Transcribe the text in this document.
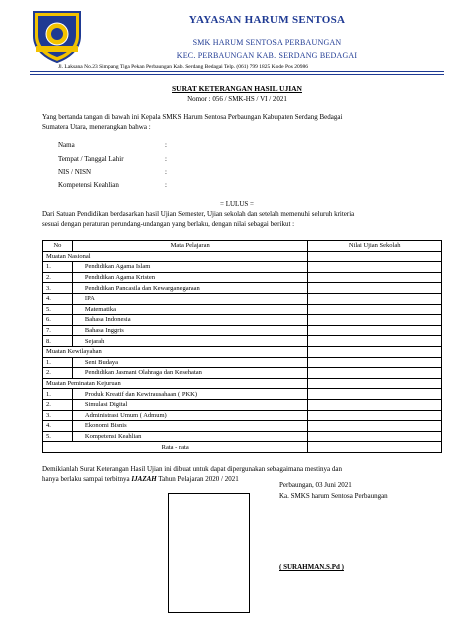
YAYASAN HARUM SENTOSA
SMK HARUM SENTOSA PERBAUNGAN
KEC. PERBAUNGAN KAB. SERDANG BEDAGAI
Jl. Laksana No.23 Simpang Tiga Pekan Perbaungan Kab. Serdang Bedagai Telp. (061) 799 1825 Kode Pos 20986
SURAT KETERANGAN HASIL UJIAN
Nomor : 056 / SMK-HS / VI / 2021
Yang bertanda tangan di bawah ini Kepala SMKS Harum Sentosa Perbaungan Kabupaten Serdang Bedagai
Sumatera Utara, menerangkan bahwa :
Nama	:
Tempat / Tanggal Lahir	:
NIS / NISN	:
Kompetensi Keahlian	:
= LULUS =
Dari Satuan Pendidikan berdasarkan hasil Ujian Semester, Ujian sekolah dan setelah memenuhi seluruh kriteria
sesuai dengan peraturan perundang-undangan yang berlaku, dengan nilai sebagai berikut :
No	Mata Pelajaran	Nilai Ujian Sekolah
Muatan Nasional		
1.	Pendidikan Agama Islam	
2.	Pendidikan Agama Kristen	
3.	Pendidikan Pancasila dan Kewarganegaraan	
4.	IPA	
5.	Matematika	
6.	Bahasa Indonesia	
7.	Bahasa Inggris	
8.	Sejarah	
Muatan Kewilayahan		
1.	Seni Budaya	
2.	Pendidikan Jasmani Olahraga dan Kesehatan	
Muatan Peminatan Kejuruan		
1.	Produk Kreatif dan Kewirausahaan ( PKK)	
2.	Simulasi Digital	
3.	Administrasi Umum ( Admum)	
4.	Ekonomi Bisnis	
5.	Kompetensi Keahlian	
Rata - rata		
Demikianlah Surat Keterangan Hasil Ujian ini dibuat untuk dapat dipergunakan sebagaimana mestinya dan
hanya berlaku sampai terbitnya IJAZAH Tahun Pelajaran 2020 / 2021
Perbaungan, 03 Juni 2021
Ka. SMKS harum Sentosa Perbaungan
( SURAHMAN.S.Pd )
